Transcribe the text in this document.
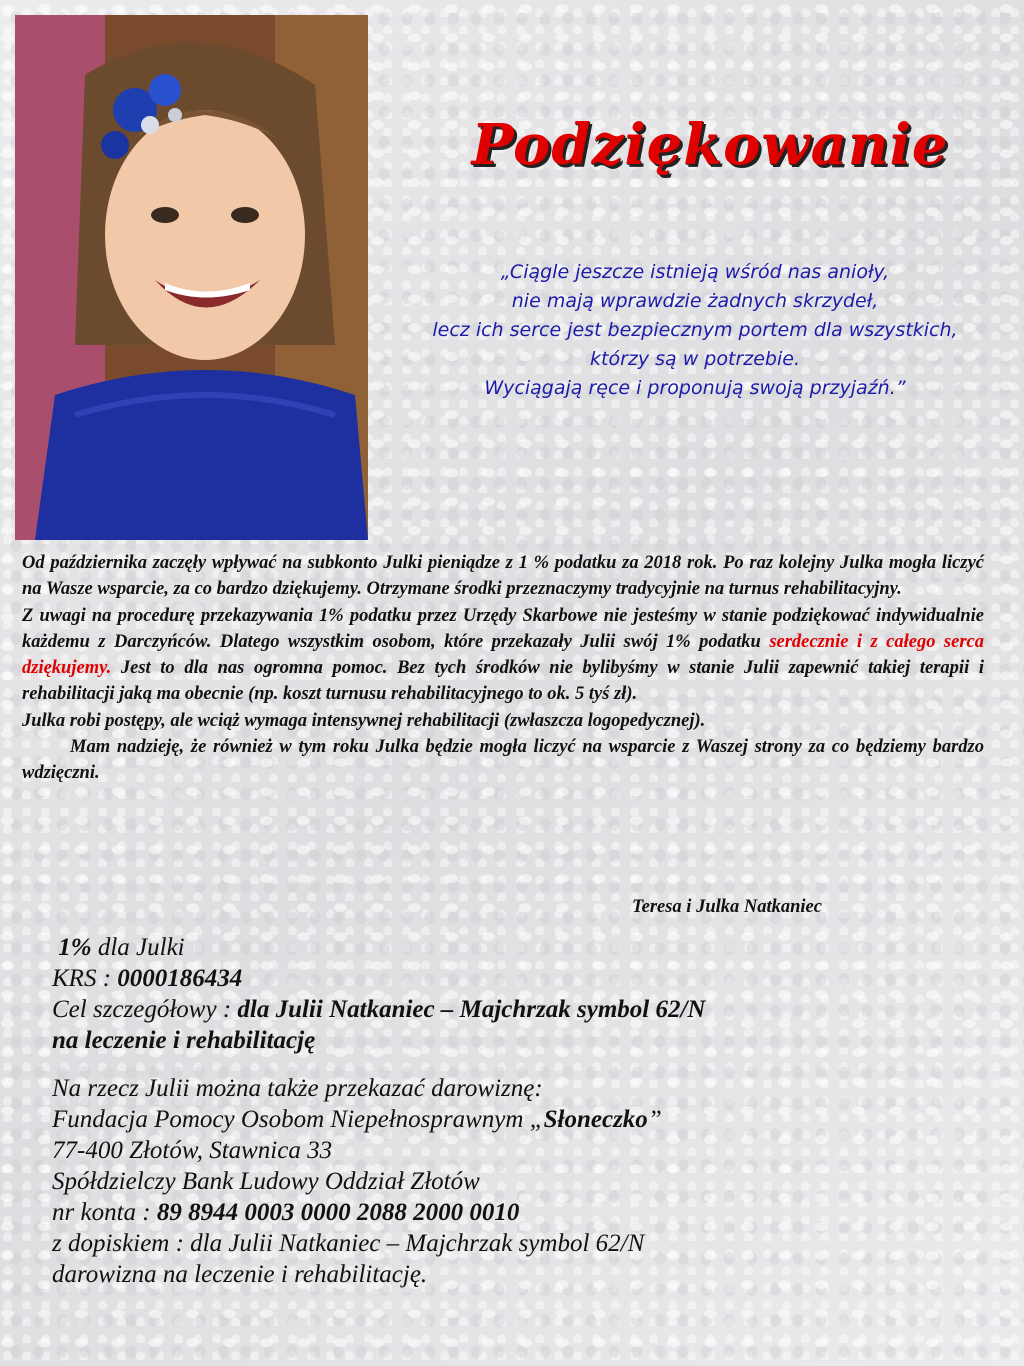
Podziękowanie
„Ciągle jeszcze istnieją wśród nas anioły,
nie mają wprawdzie żadnych skrzydeł,
lecz ich serce jest bezpiecznym portem dla wszystkich,
którzy są w potrzebie.
Wyciągają ręce i proponują swoją przyjaźń.”

Od października zaczęły wpływać na subkonto Julki pieniądze z 1 % podatku za 2018 rok. Po raz kolejny Julka mogła liczyć na Wasze wsparcie, za co bardzo dziękujemy. Otrzymane środki przeznaczymy tradycyjnie na turnus rehabilitacyjny.

Z uwagi na procedurę przekazywania 1% podatku przez Urzędy Skarbowe nie jesteśmy w stanie podziękować indywidualnie każdemu z Darczyńców. Dlatego wszystkim osobom, które przekazały Julii swój 1% podatku serdecznie i z całego serca dziękujemy. Jest to dla nas ogromna pomoc. Bez tych środków nie bylibyśmy w stanie Julii zapewnić takiej terapii i rehabilitacji jaką ma obecnie (np. koszt turnusu rehabilitacyjnego to ok. 5 tyś zł).

Julka robi postępy, ale wciąż wymaga intensywnej rehabilitacji (zwłaszcza logopedycznej).

Mam nadzieję, że również w tym roku Julka będzie mogła liczyć na wsparcie z Waszej strony za co będziemy bardzo wdzięczni.

Teresa i Julka Natkaniec
1% dla Julki
KRS : 0000186434
Cel szczegółowy : dla Julii Natkaniec – Majchrzak symbol 62/N
na leczenie i rehabilitację
Na rzecz Julii można także przekazać darowiznę:
Fundacja Pomocy Osobom Niepełnosprawnym „Słoneczko”
77-400 Złotów, Stawnica 33
Spółdzielczy Bank Ludowy Oddział Złotów
nr konta : 89 8944 0003 0000 2088 2000 0010
z dopiskiem : dla Julii Natkaniec – Majchrzak symbol 62/N
darowizna na leczenie i rehabilitację.
